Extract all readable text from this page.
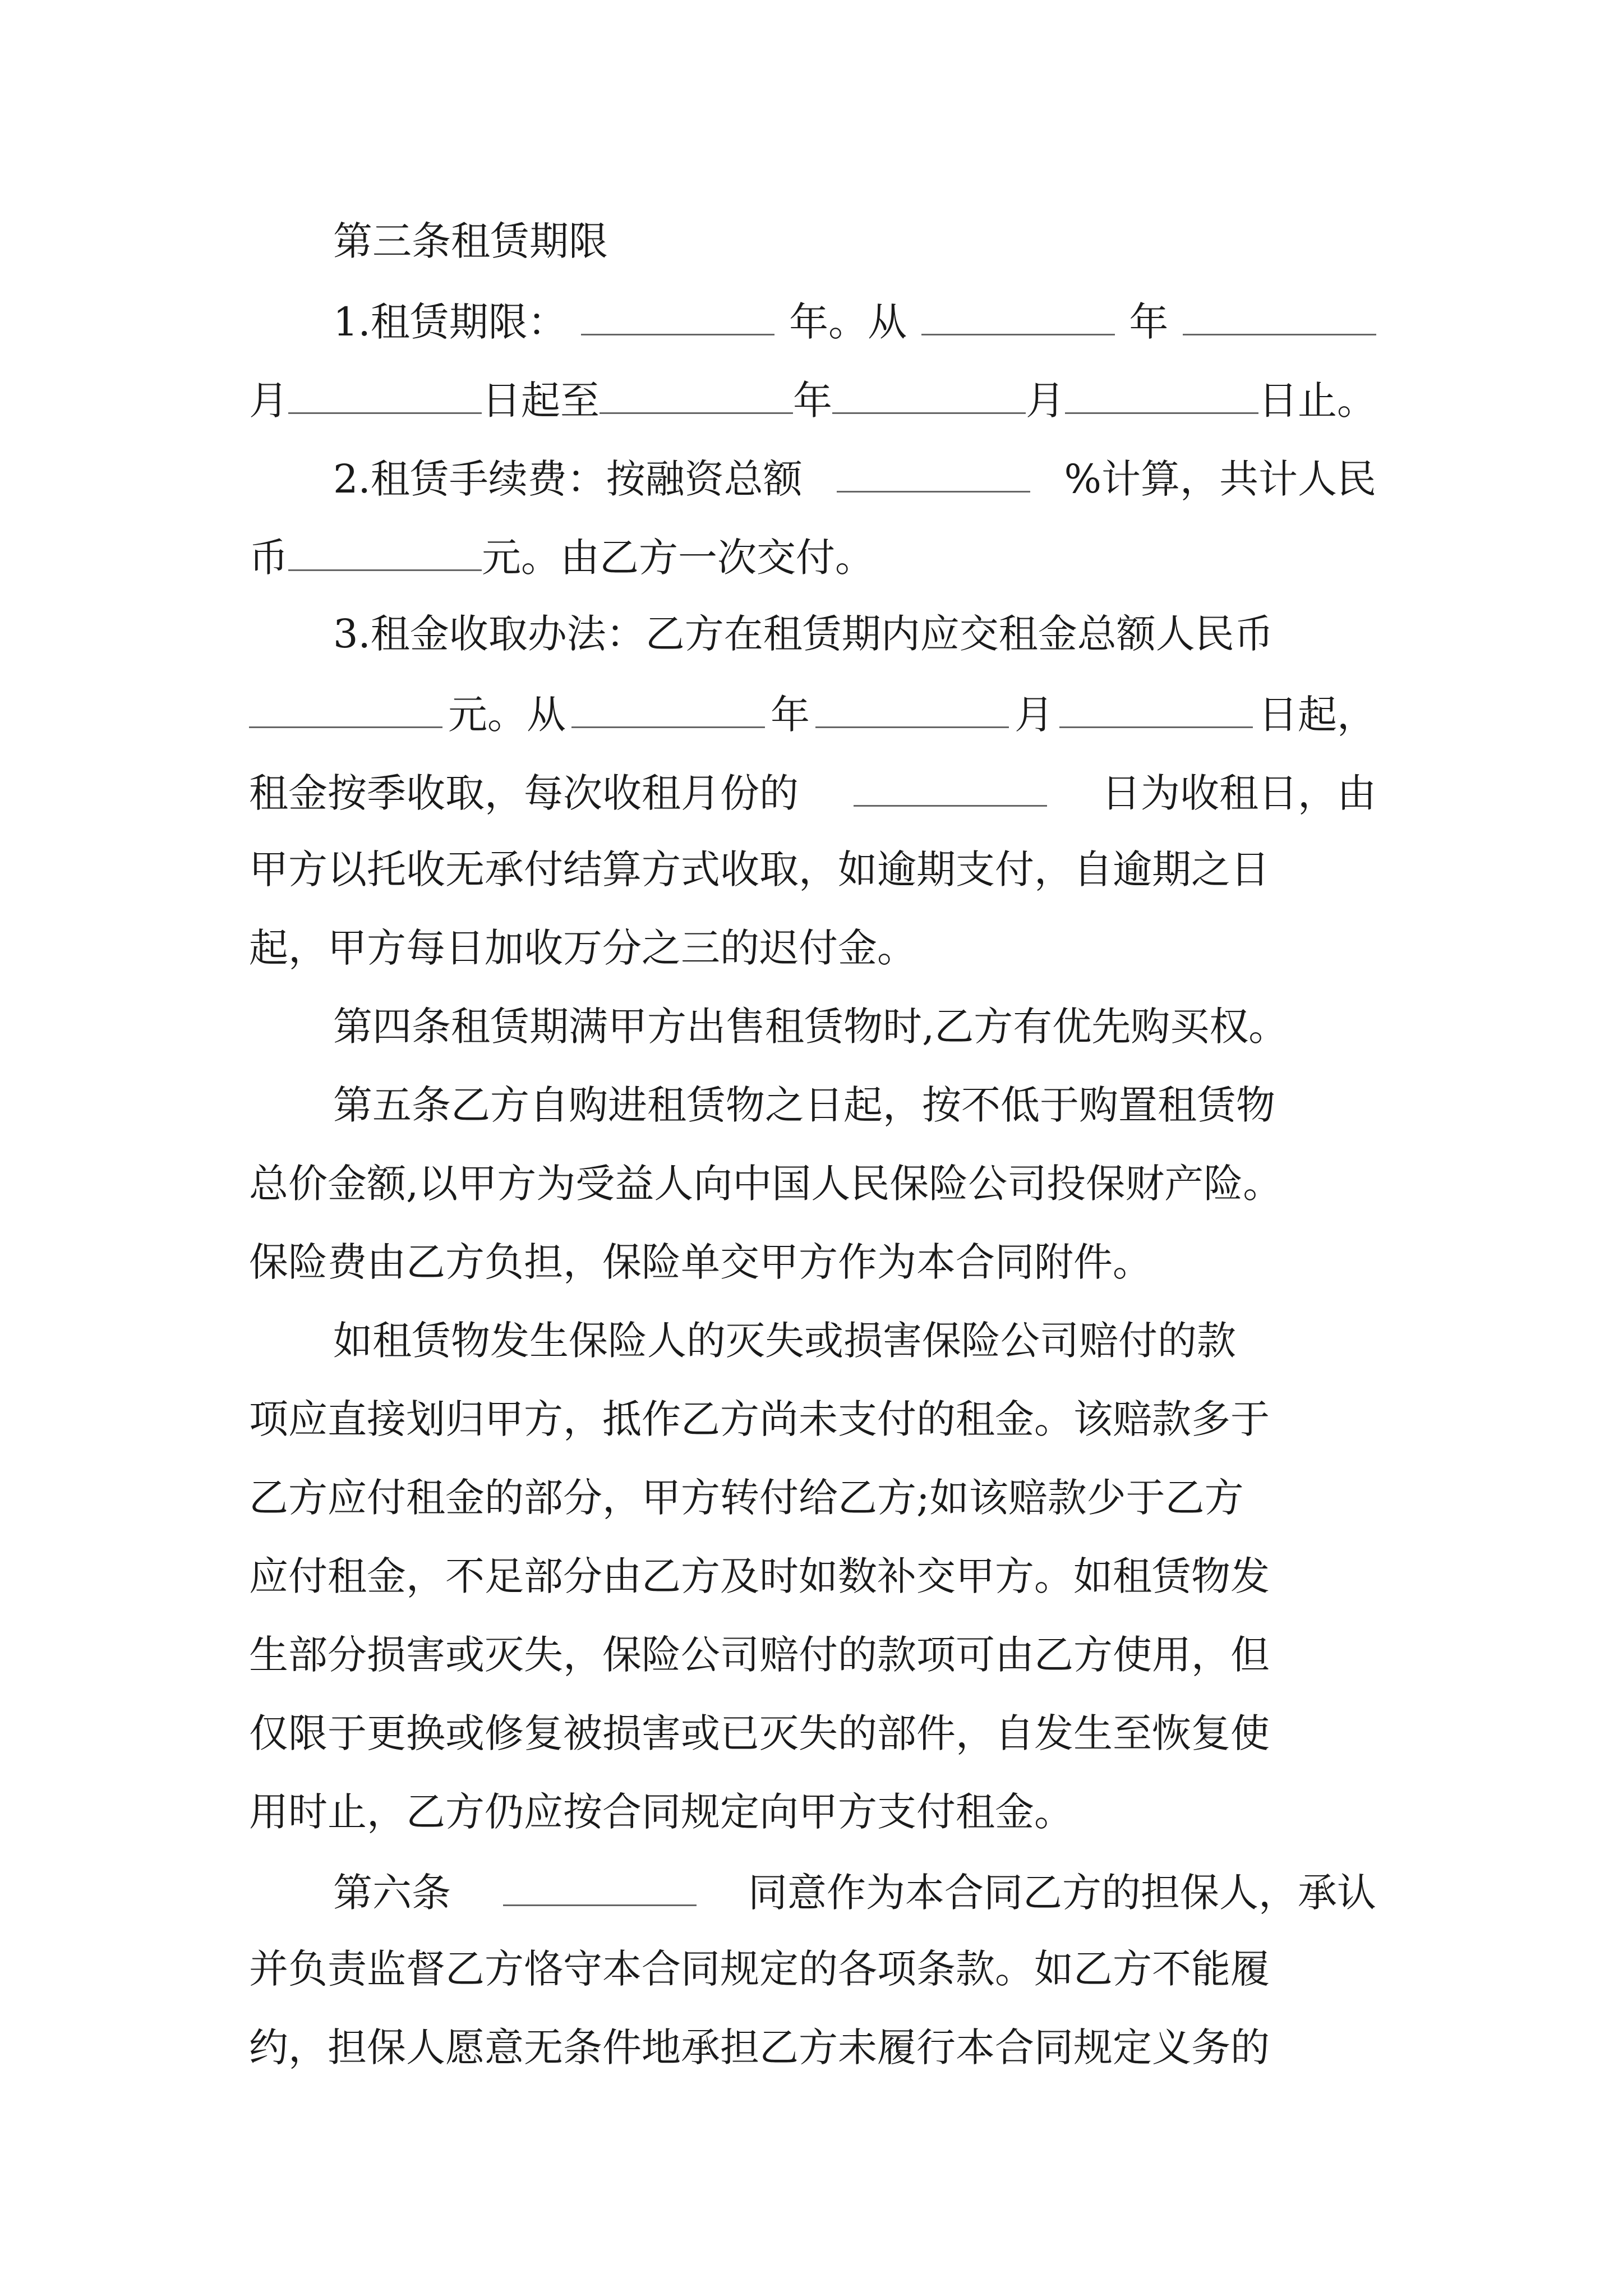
第三条租赁期限
1.租赁期限：	年。从	年
月	日起至	年	月	日止。
2.租赁手续费：按融资总额	%计算，共计人民
币	元。由乙方一次交付。
3.租金收取办法：乙方在租赁期内应交租金总额人民币
元。从	年	月	日起，
租金按季收取，每次收租月份的	日为收租日，由
甲方以托收无承付结算方式收取，如逾期支付，自逾期之日
起，甲方每日加收万分之三的迟付金。
第四条租赁期满甲方出售租赁物时,乙方有优先购买权。
第五条乙方自购进租赁物之日起，按不低于购置租赁物
总价金额,以甲方为受益人向中国人民保险公司投保财产险。
保险费由乙方负担，保险单交甲方作为本合同附件。
如租赁物发生保险人的灭失或损害保险公司赔付的款
项应直接划归甲方，抵作乙方尚未支付的租金。该赔款多于
乙方应付租金的部分，甲方转付给乙方;如该赔款少于乙方
应付租金，不足部分由乙方及时如数补交甲方。如租赁物发
生部分损害或灭失，保险公司赔付的款项可由乙方使用，但
仅限于更换或修复被损害或已灭失的部件，自发生至恢复使
用时止，乙方仍应按合同规定向甲方支付租金。
第六条	同意作为本合同乙方的担保人，承认
并负责监督乙方恪守本合同规定的各项条款。如乙方不能履
约，担保人愿意无条件地承担乙方未履行本合同规定义务的
